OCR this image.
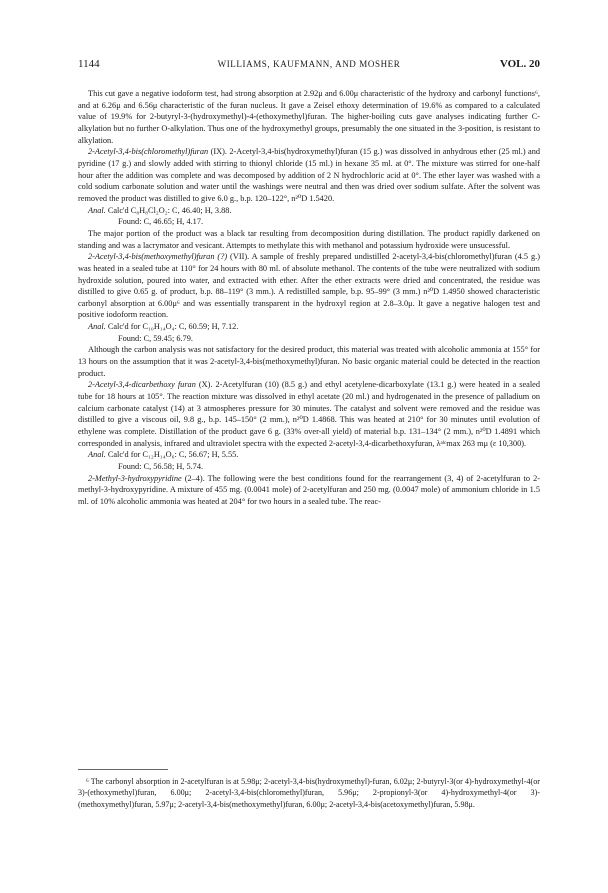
1144	WILLIAMS, KAUFMANN, AND MOSHER	VOL. 20

This cut gave a negative iodoform test, had strong absorption at 2.92μ and 6.00μ characteristic of the hydroxy and carbonyl functions⁶, and at 6.26μ and 6.56μ characteristic of the furan nucleus. It gave a Zeisel ethoxy determination of 19.6% as compared to a calculated value of 19.9% for 2-butyryl-3-(hydroxymethyl)-4-(ethoxymethyl)furan. The higher-boiling cuts gave analyses indicating further C-alkylation but no further O-alkylation. Thus one of the hydroxymethyl groups, presumably the one situated in the 3-position, is resistant to alkylation.

2-Acetyl-3,4-bis(chloromethyl)furan (IX). 2-Acetyl-3,4-bis(hydroxymethyl)furan (15 g.) was dissolved in anhydrous ether (25 ml.) and pyridine (17 g.) and slowly added with stirring to thionyl chloride (15 ml.) in hexane 35 ml. at 0°. The mixture was stirred for one-half hour after the addition was complete and was decomposed by addition of 2 N hydrochloric acid at 0°. The ether layer was washed with a cold sodium carbonate solution and water until the washings were neutral and then was dried over sodium sulfate. After the solvent was removed the product was distilled to give 6.0 g., b.p. 120–122°, n²⁰D 1.5420.

Anal. Calc'd C₈H₈Cl₂O₂: C, 46.40; H, 3.88.

Found: C, 46.65; H, 4.17.

The major portion of the product was a black tar resulting from decomposition during distillation. The product rapidly darkened on standing and was a lacrymator and vesicant. Attempts to methylate this with methanol and potassium hydroxide were unsucessful.

2-Acetyl-3,4-bis(methoxymethyl)furan (?) (VII). A sample of freshly prepared undistilled 2-acetyl-3,4-bis(chloromethyl)furan (4.5 g.) was heated in a sealed tube at 110° for 24 hours with 80 ml. of absolute methanol. The contents of the tube were neutralized with sodium hydroxide solution, poured into water, and extracted with ether. After the ether extracts were dried and concentrated, the residue was distilled to give 0.65 g. of product, b.p. 88–119° (3 mm.). A redistilled sample, b.p. 95–99° (3 mm.) n²⁰D 1.4950 showed characteristic carbonyl absorption at 6.00μ⁶ and was essentially transparent in the hydroxyl region at 2.8–3.0μ. It gave a negative halogen test and positive iodoform reaction.

Anal. Calc'd for C₁₀H₁₄O₄: C, 60.59; H, 7.12.

Found: C, 59.45; 6.79.

Although the carbon analysis was not satisfactory for the desired product, this material was treated with alcoholic ammonia at 155° for 13 hours on the assumption that it was 2-acetyl-3,4-bis(methoxymethyl)furan. No basic organic material could be detected in the reaction product.

2-Acetyl-3,4-dicarbethoxy furan (X). 2-Acetylfuran (10) (8.5 g.) and ethyl acetylene-dicarboxylate (13.1 g.) were heated in a sealed tube for 18 hours at 105°. The reaction mixture was dissolved in ethyl acetate (20 ml.) and hydrogenated in the presence of palladium on calcium carbonate catalyst (14) at 3 atmospheres pressure for 30 minutes. The catalyst and solvent were removed and the residue was distilled to give a viscous oil, 9.8 g., b.p. 145–150° (2 mm.), n²⁰D 1.4868. This was heated at 210° for 30 minutes until evolution of ethylene was complete. Distillation of the product gave 6 g. (33% over-all yield) of material b.p. 131–134° (2 mm.), n²⁰D 1.4891 which corresponded in analysis, infrared and ultraviolet spectra with the expected 2-acetyl-3,4-dicarbethoxyfuran, λᵃˡᶜmax 263 mμ (ε 10,300).

Anal. Calc'd for C₁₂H₁₄O₆: C, 56.67; H, 5.55.

Found: C, 56.58; H, 5.74.

2-Methyl-3-hydroxypyridine (2–4). The following were the best conditions found for the rearrangement (3, 4) of 2-acetylfuran to 2-methyl-3-hydroxypyridine. A mixture of 455 mg. (0.0041 mole) of 2-acetylfuran and 250 mg. (0.0047 mole) of ammonium chloride in 1.5 ml. of 10% alcoholic ammonia was heated at 204° for two hours in a sealed tube. The reac-

⁶ The carbonyl absorption in 2-acetylfuran is at 5.98μ; 2-acetyl-3,4-bis(hydroxymethyl)-furan, 6.02μ; 2-butyryl-3(or 4)-hydroxymethyl-4(or 3)-(ethoxymethyl)furan, 6.00μ; 2-acetyl-3,4-bis(chloromethyl)furan, 5.96μ; 2-propionyl-3(or 4)-hydroxymethyl-4(or 3)-(methoxymethyl)furan, 5.97μ; 2-acetyl-3,4-bis(methoxymethyl)furan, 6.00μ; 2-acetyl-3,4-bis(acetoxymethyl)furan, 5.98μ.
